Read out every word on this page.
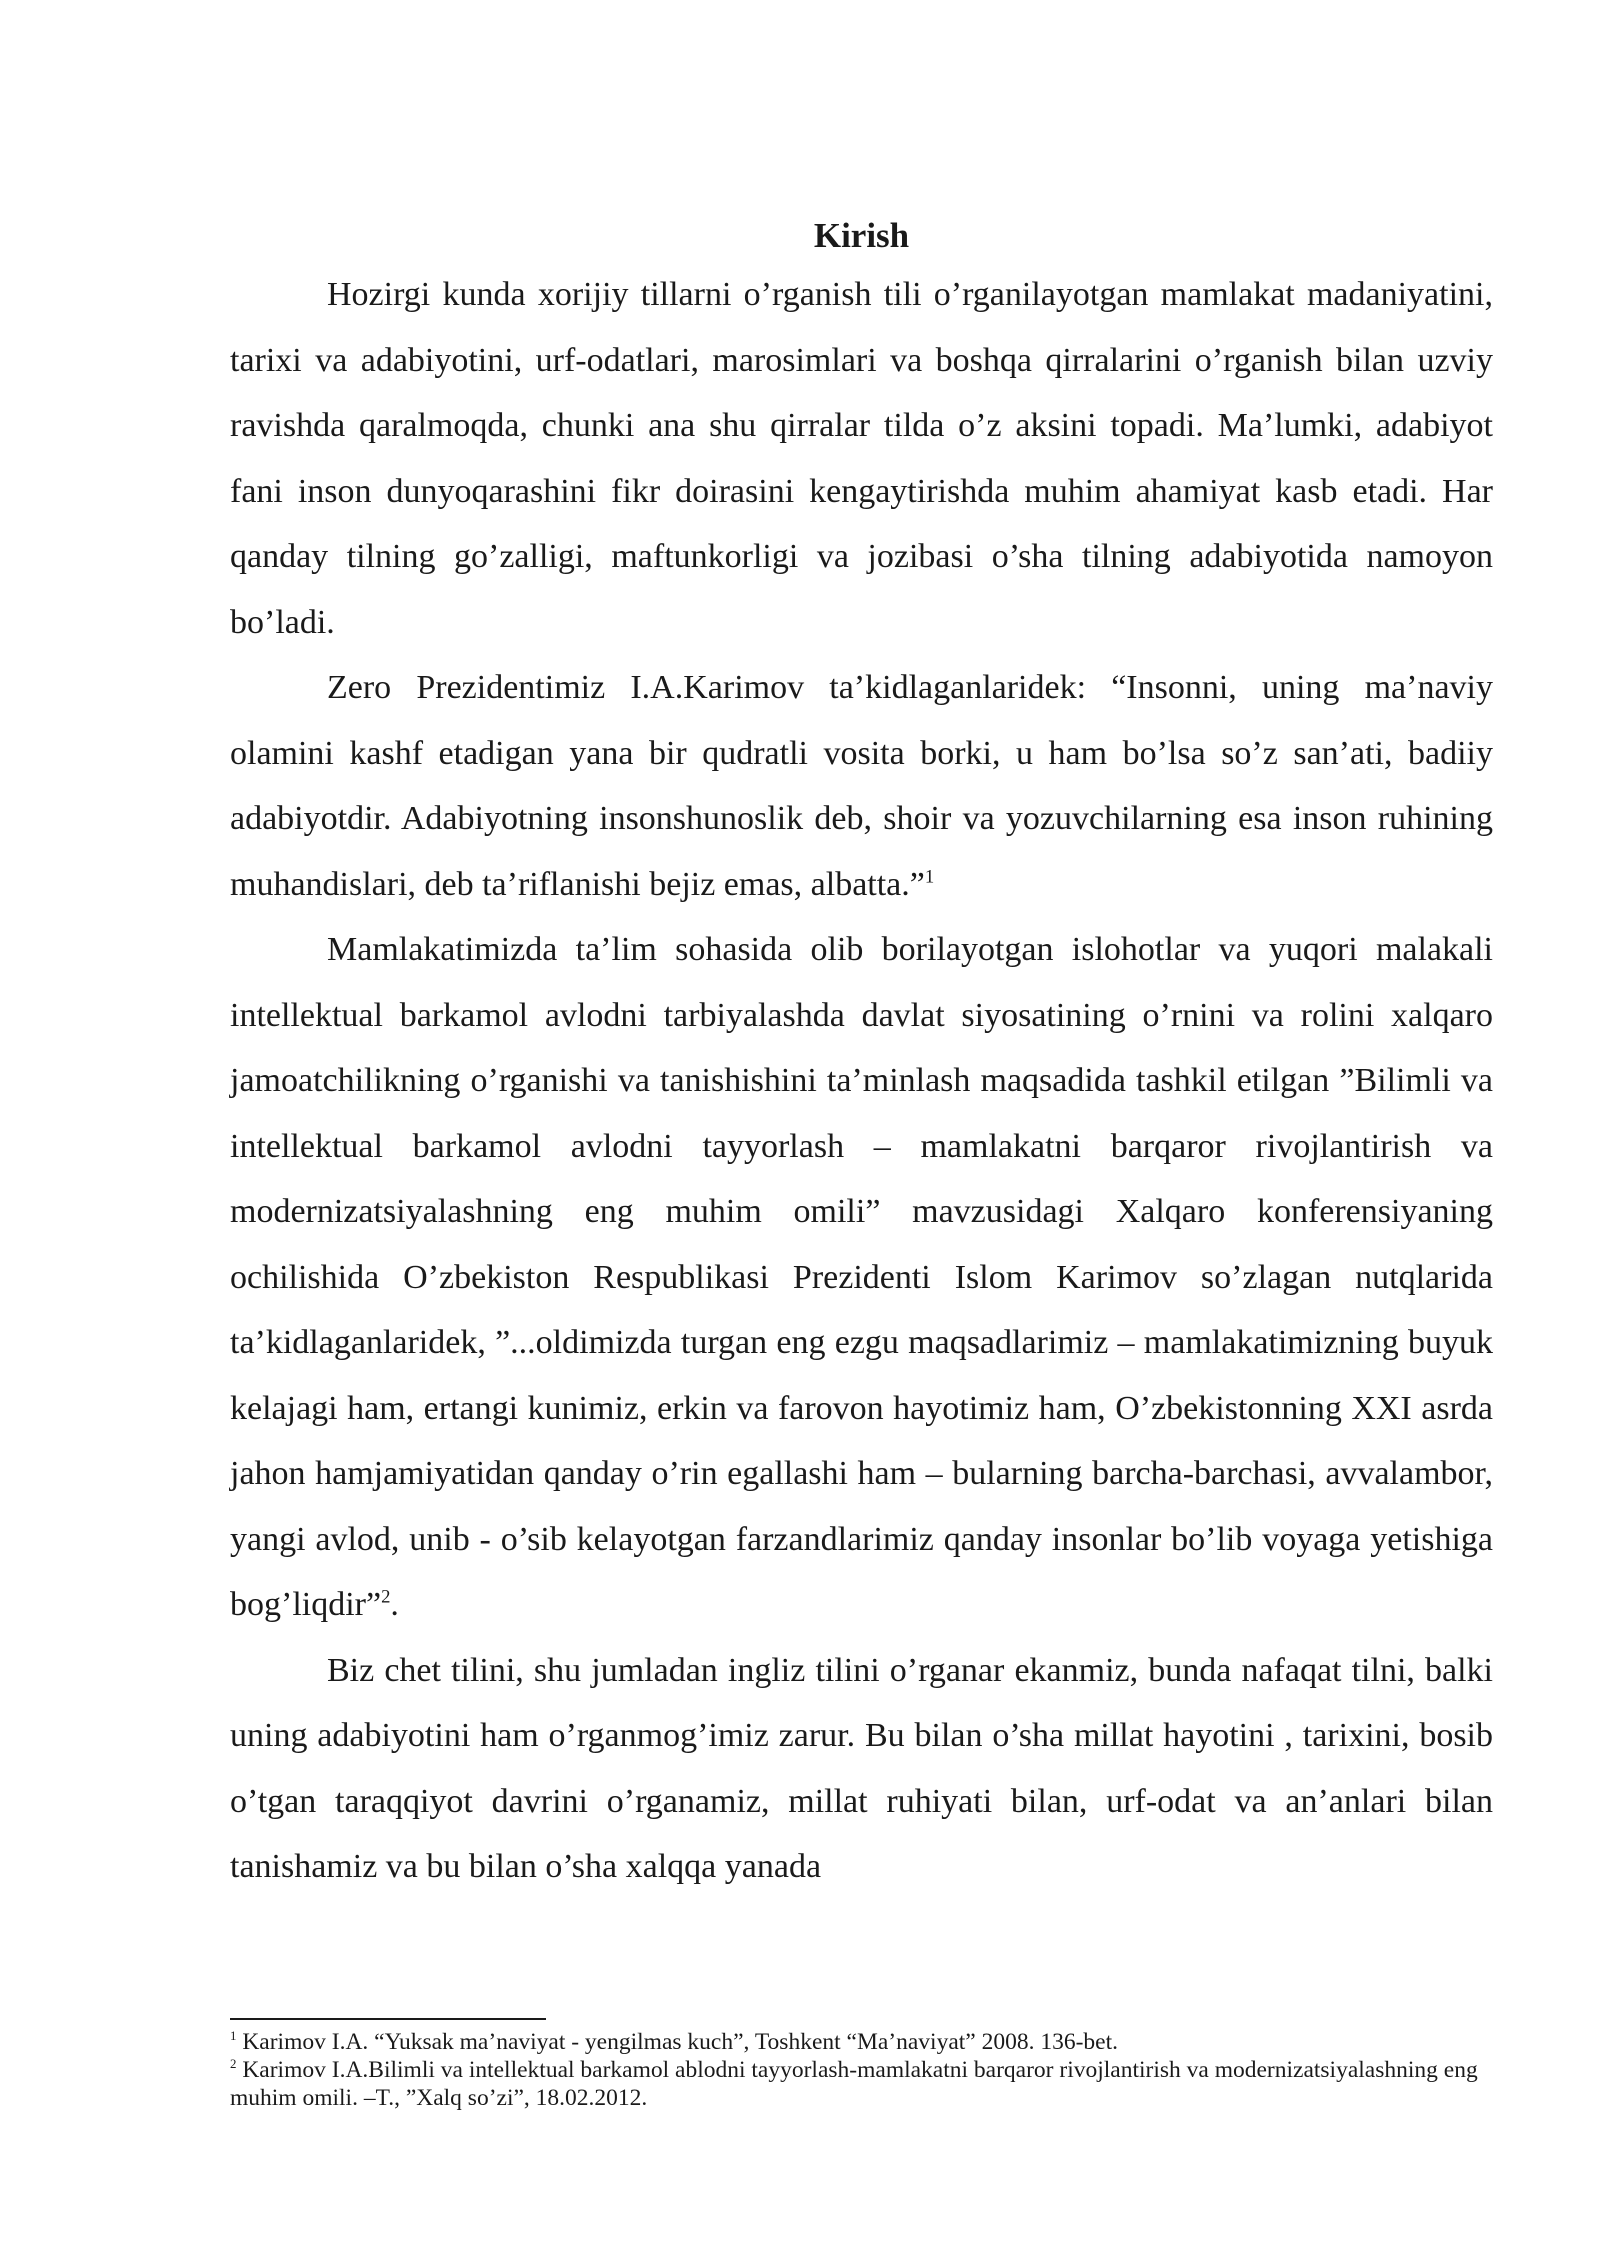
Kirish

Hozirgi kunda xorijiy tillarni o’rganish tili o’rganilayotgan mamlakat madaniyatini, tarixi va adabiyotini, urf-odatlari, marosimlari va boshqa qirralarini o’rganish bilan uzviy ravishda qaralmoqda, chunki ana shu qirralar tilda o’z aksini topadi. Ma’lumki, adabiyot fani inson dunyoqarashini fikr doirasini kengaytirishda muhim ahamiyat kasb etadi. Har qanday tilning go’zalligi, maftunkorligi va jozibasi o’sha tilning adabiyotida namoyon bo’ladi.

Zero Prezidentimiz I.A.Karimov ta’kidlaganlaridek: “Insonni, uning ma’naviy olamini kashf etadigan yana bir qudratli vosita borki, u ham bo’lsa so’z san’ati, badiiy adabiyotdir. Adabiyotning insonshunoslik deb, shoir va yozuvchilarning esa inson ruhining muhandislari, deb ta’riflanishi bejiz emas, albatta.”$^1$

Mamlakatimizda ta’lim sohasida olib borilayotgan islohotlar va yuqori malakali intellektual barkamol avlodni tarbiyalashda davlat siyosatining o’rnini va rolini xalqaro jamoatchilikning o’rganishi va tanishishini ta’minlash maqsadida tashkil etilgan ”Bilimli va intellektual barkamol avlodni tayyorlash – mamlakatni barqaror rivojlantirish va modernizatsiyalashning eng muhim omili” mavzusidagi Xalqaro konferensiyaning ochilishida O’zbekiston Respublikasi Prezidenti Islom Karimov so’zlagan nutqlarida ta’kidlaganlaridek, ”...oldimizda turgan eng ezgu maqsadlarimiz – mamlakatimizning buyuk kelajagi ham, ertangi kunimiz, erkin va farovon hayotimiz ham, O’zbekistonning XXI asrda jahon hamjamiyatidan qanday o’rin egallashi ham – bularning barcha-barchasi, avvalambor, yangi avlod, unib - o’sib kelayotgan farzandlarimiz qanday insonlar bo’lib voyaga yetishiga bog’liqdir”$^2$.

Biz chet tilini, shu jumladan ingliz tilini o’rganar ekanmiz, bunda nafaqat tilni, balki uning adabiyotini ham o’rganmog’imiz zarur. Bu bilan o’sha millat hayotini , tarixini, bosib o’tgan taraqqiyot davrini o’rganamiz, millat ruhiyati bilan, urf-odat va an’anlari bilan tanishamiz va bu bilan o’sha xalqqa yanada

$^1$ Karimov I.A. “Yuksak ma’naviyat - yengilmas kuch”, Toshkent “Ma’naviyat” 2008. 136-bet.

$^2$ Karimov I.A.Bilimli va intellektual barkamol ablodni tayyorlash-mamlakatni barqaror rivojlantirish va modernizatsiyalashning eng muhim omili. –T., ”Xalq so’zi”, 18.02.2012.
